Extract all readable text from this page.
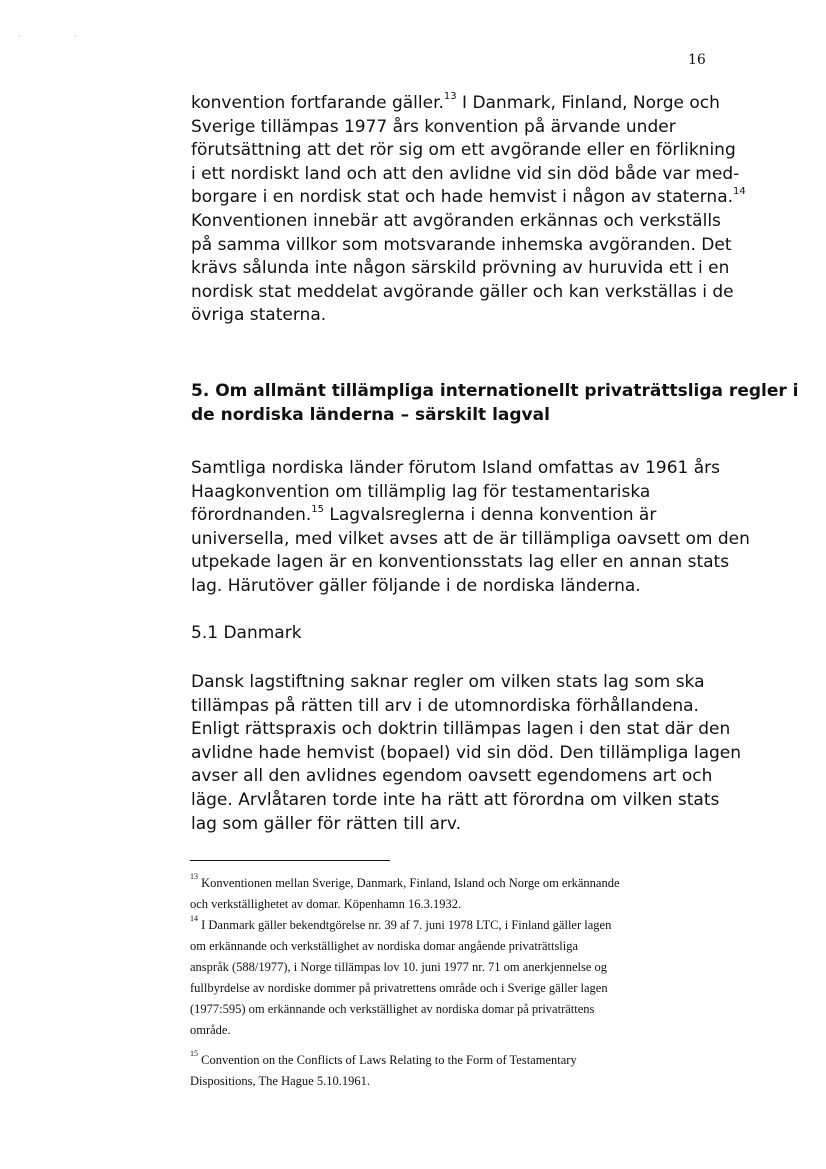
·	·
16

konvention fortfarande gäller.$^{13}$ I Danmark, Finland, Norge och
Sverige tillämpas 1977 års konvention på ärvande under
förutsättning att det rör sig om ett avgörande eller en förlikning
i ett nordiskt land och att den avlidne vid sin död både var med-
borgare i en nordisk stat och hade hemvist i någon av staterna.$^{14}$
Konventionen innebär att avgöranden erkännas och verkställs
på samma villkor som motsvarande inhemska avgöranden. Det
krävs sålunda inte någon särskild prövning av huruvida ett i en
nordisk stat meddelat avgörande gäller och kan verkställas i de
övriga staterna.

5. Om allmänt tillämpliga internationellt privaträttsliga regler i
de nordiska länderna – särskilt lagval

Samtliga nordiska länder förutom Island omfattas av 1961 års
Haagkonvention om tillämplig lag för testamentariska
förordnanden.$^{15}$ Lagvalsreglerna i denna konvention är
universella, med vilket avses att de är tillämpliga oavsett om den
utpekade lagen är en konventionsstats lag eller en annan stats
lag. Härutöver gäller följande i de nordiska länderna.

5.1 Danmark

Dansk lagstiftning saknar regler om vilken stats lag som ska
tillämpas på rätten till arv i de utomnordiska förhållandena.
Enligt rättspraxis och doktrin tillämpas lagen i den stat där den
avlidne hade hemvist (bopael) vid sin död. Den tillämpliga lagen
avser all den avlidnes egendom oavsett egendomens art och
läge. Arvlåtaren torde inte ha rätt att förordna om vilken stats
lag som gäller för rätten till arv.

$^{13}$ Konventionen mellan Sverige, Danmark, Finland, Island och Norge om erkännande
och verkställighetet av domar. Köpenhamn 16.3.1932.

$^{14}$ I Danmark gäller bekendtgörelse nr. 39 af 7. juni 1978 LTC, i Finland gäller lagen
om erkännande och verkställighet av nordiska domar angående privaträttsliga
anspråk (588/1977), i Norge tillämpas lov 10. juni 1977 nr. 71 om anerkjennelse og
fullbyrdelse av nordiske dommer på privatrettens område och i Sverige gäller lagen
(1977:595) om erkännande och verkställighet av nordiska domar på privaträttens
område.

$^{15}$ Convention on the Conflicts of Laws Relating to the Form of Testamentary
Dispositions, The Hague 5.10.1961.
